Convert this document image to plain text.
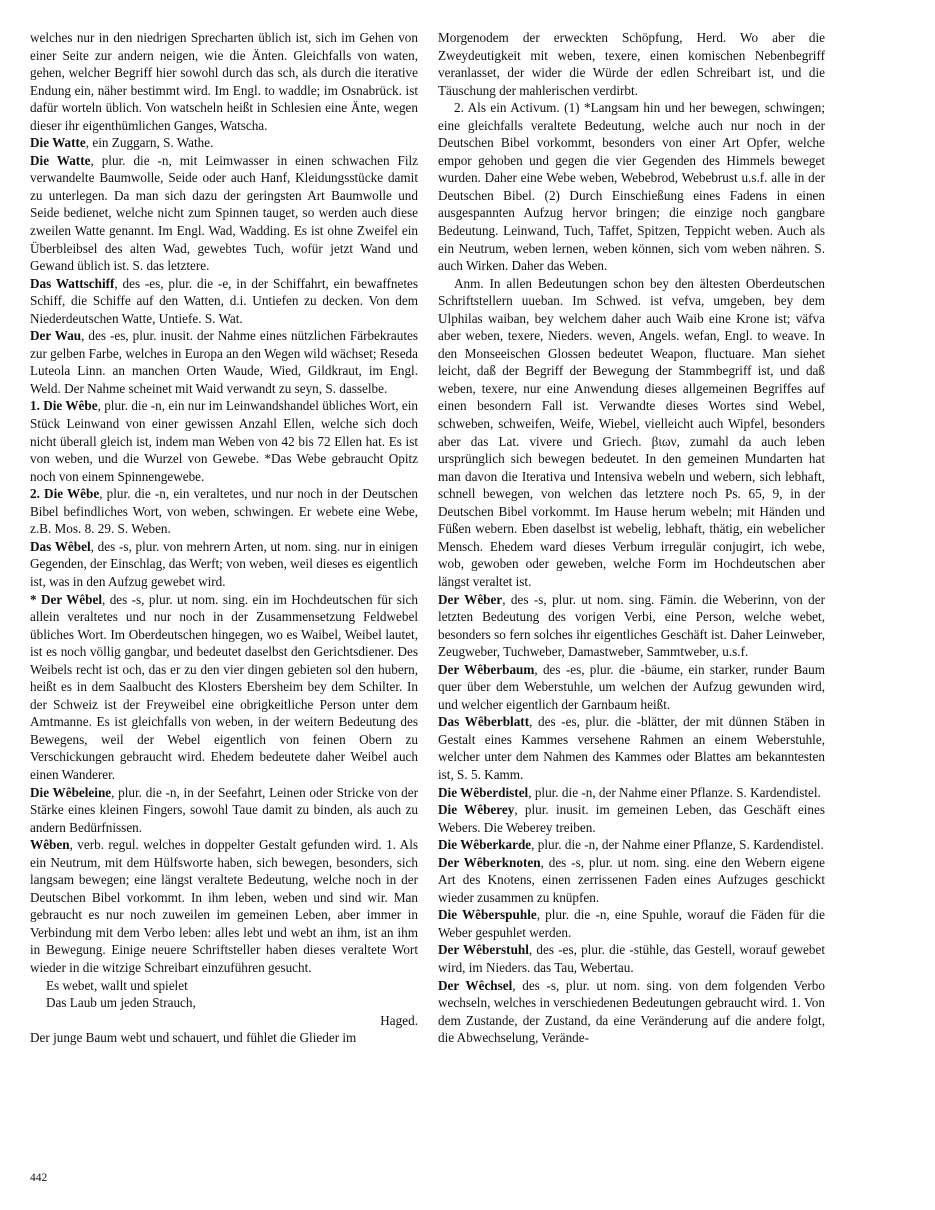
welches nur in den niedrigen Sprecharten üblich ist, sich im Gehen von einer Seite zur andern neigen, wie die Änten. Gleichfalls von waten, gehen, welcher Begriff hier sowohl durch das sch, als durch die iterative Endung ein, näher bestimmt wird. Im Engl. to waddle; im Osnabrück. ist dafür worteln üblich. Von watscheln heißt in Schlesien eine Änte, wegen dieser ihr eigenthümlichen Ganges, Watscha.

Die Watte, ein Zuggarn, S. Wathe.

Die Watte, plur. die -n, mit Leimwasser in einen schwachen Filz verwandelte Baumwolle, Seide oder auch Hanf, Kleidungsstücke damit zu unterlegen. Da man sich dazu der geringsten Art Baumwolle und Seide bedienet, welche nicht zum Spinnen tauget, so werden auch diese zweilen Watte genannt. Im Engl. Wad, Wadding. Es ist ohne Zweifel ein Überbleibsel des alten Wad, gewebtes Tuch, wofür jetzt Wand und Gewand üblich ist. S. das letztere.

Das Wattschiff, des -es, plur. die -e, in der Schiffahrt, ein bewaffnetes Schiff, die Schiffe auf den Watten, d.i. Untiefen zu decken. Von dem Niederdeutschen Watte, Untiefe. S. Wat.

Der Wau, des -es, plur. inusit. der Nahme eines nützlichen Färbekrautes zur gelben Farbe, welches in Europa an den Wegen wild wächset; Reseda Luteola Linn. an manchen Orten Waude, Wied, Gildkraut, im Engl. Weld. Der Nahme scheinet mit Waid verwandt zu seyn, S. dasselbe.

1. Die Wêbe, plur. die -n, ein nur im Leinwandshandel übliches Wort, ein Stück Leinwand von einer gewissen Anzahl Ellen, welche sich doch nicht überall gleich ist, indem man Weben von 42 bis 72 Ellen hat. Es ist von weben, und die Wurzel von Gewebe. *Das Webe gebraucht Opitz noch von einem Spinnengewebe.

2. Die Wêbe, plur. die -n, ein veraltetes, und nur noch in der Deutschen Bibel befindliches Wort, von weben, schwingen. Er webete eine Webe, z.B. Mos. 8. 29. S. Weben.

Das Wêbel, des -s, plur. von mehrern Arten, ut nom. sing. nur in einigen Gegenden, der Einschlag, das Werft; von weben, weil dieses es eigentlich ist, was in den Aufzug gewebet wird.

* Der Wêbel, des -s, plur. ut nom. sing. ein im Hochdeutschen für sich allein veraltetes und nur noch in der Zusammensetzung Feldwebel übliches Wort. Im Oberdeutschen hingegen, wo es Waibel, Weibel lautet, ist es noch völlig gangbar, und bedeutet daselbst den Gerichtsdiener. Des Weibels recht ist och, das er zu den vier dingen gebieten sol den hubern, heißt es in dem Saalbucht des Klosters Ebersheim bey dem Schilter. In der Schweiz ist der Freyweibel eine obrigkeitliche Person unter dem Amtmanne. Es ist gleichfalls von weben, in der weitern Bedeutung des Bewegens, weil der Webel eigentlich von feinen Obern zu Verschickungen gebraucht wird. Ehedem bedeutete daher Weibel auch einen Wanderer.

Die Wêbeleine, plur. die -n, in der Seefahrt, Leinen oder Stricke von der Stärke eines kleinen Fingers, sowohl Taue damit zu binden, als auch zu andern Bedürfnissen.

Wêben, verb. regul. welches in doppelter Gestalt gefunden wird. 1. Als ein Neutrum, mit dem Hülfsworte haben, sich bewegen, besonders, sich langsam bewegen; eine längst veraltete Bedeutung, welche noch in der Deutschen Bibel vorkommt. In ihm leben, weben und sind wir. Man gebraucht es nur noch zuweilen im gemeinen Leben, aber immer in Verbindung mit dem Verbo leben: alles lebt und webt an ihm, ist an ihm in Bewegung. Einige neuere Schriftsteller haben dieses veraltete Wort wieder in die witzige Schreibart einzuführen gesucht.

Es webet, wallt und spielet

Das Laub um jeden Strauch,

Haged.

Der junge Baum webt und schauert, und fühlet die Glieder im

Morgenodem der erweckten Schöpfung, Herd. Wo aber die Zweydeutigkeit mit weben, texere, einen komischen Nebenbegriff veranlasset, der wider die Würde der edlen Schreibart ist, und die Täuschung der mahlerischen verdirbt.

2. Als ein Activum. (1) *Langsam hin und her bewegen, schwingen; eine gleichfalls veraltete Bedeutung, welche auch nur noch in der Deutschen Bibel vorkommt, besonders von einer Art Opfer, welche empor gehoben und gegen die vier Gegenden des Himmels beweget wurden. Daher eine Webe weben, Webebrod, Webebrust u.s.f. alle in der Deutschen Bibel. (2) Durch Einschießung eines Fadens in einen ausgespannten Aufzug hervor bringen; die einzige noch gangbare Bedeutung. Leinwand, Tuch, Taffet, Spitzen, Teppicht weben. Auch als ein Neutrum, weben lernen, weben können, sich vom weben nähren. S. auch Wirken. Daher das Weben.

Anm. In allen Bedeutungen schon bey den ältesten Oberdeutschen Schriftstellern uueban. Im Schwed. ist vefva, umgeben, bey dem Ulphilas waiban, bey welchem daher auch Waib eine Krone ist; väfva aber weben, texere, Nieders. weven, Angels. wefan, Engl. to weave. In den Monseeischen Glossen bedeutet Weapon, fluctuare. Man siehet leicht, daß der Begriff der Bewegung der Stammbegriff ist, und daß weben, texere, nur eine Anwendung dieses allgemeinen Begriffes auf einen besondern Fall ist. Verwandte dieses Wortes sind Webel, schweben, schweifen, Weife, Wiebel, vielleicht auch Wipfel, besonders aber das Lat. vivere und Griech. βιων, zumahl da auch leben ursprünglich sich bewegen bedeutet. In den gemeinen Mundarten hat man davon die Iterativa und Intensiva webeln und webern, sich lebhaft, schnell bewegen, von welchen das letztere noch Ps. 65, 9, in der Deutschen Bibel vorkommt. Im Hause herum webeln; mit Händen und Füßen webern. Eben daselbst ist webelig, lebhaft, thätig, ein webelicher Mensch. Ehedem ward dieses Verbum irregulär conjugirt, ich webe, wob, gewoben oder geweben, welche Form im Hochdeutschen aber längst veraltet ist.

Der Wêber, des -s, plur. ut nom. sing. Fämin. die Weberinn, von der letzten Bedeutung des vorigen Verbi, eine Person, welche webet, besonders so fern solches ihr eigentliches Geschäft ist. Daher Leinweber, Zeugweber, Tuchweber, Damastweber, Sammtweber, u.s.f.

Der Wêberbaum, des -es, plur. die -bäume, ein starker, runder Baum quer über dem Weberstuhle, um welchen der Aufzug gewunden wird, und welcher eigentlich der Garnbaum heißt.

Das Wêberblatt, des -es, plur. die -blätter, der mit dünnen Stäben in Gestalt eines Kammes versehene Rahmen an einem Weberstuhle, welcher unter dem Nahmen des Kammes oder Blattes am bekanntesten ist, S. 5. Kamm.

Die Wêberdistel, plur. die -n, der Nahme einer Pflanze. S. Kardendistel.

Die Wêberey, plur. inusit. im gemeinen Leben, das Geschäft eines Webers. Die Weberey treiben.

Die Wêberkarde, plur. die -n, der Nahme einer Pflanze, S. Kardendistel.

Der Wêberknoten, des -s, plur. ut nom. sing. eine den Webern eigene Art des Knotens, einen zerrissenen Faden eines Aufzuges geschickt wieder zusammen zu knüpfen.

Die Wêberspuhle, plur. die -n, eine Spuhle, worauf die Fäden für die Weber gespuhlet werden.

Der Wêberstuhl, des -es, plur. die -stühle, das Gestell, worauf gewebet wird, im Nieders. das Tau, Webertau.

Der Wêchsel, des -s, plur. ut nom. sing. von dem folgenden Verbo wechseln, welches in verschiedenen Bedeutungen gebraucht wird. 1. Von dem Zustande, der Zustand, da eine Veränderung auf die andere folgt, die Abwechselung, Verände-

442
